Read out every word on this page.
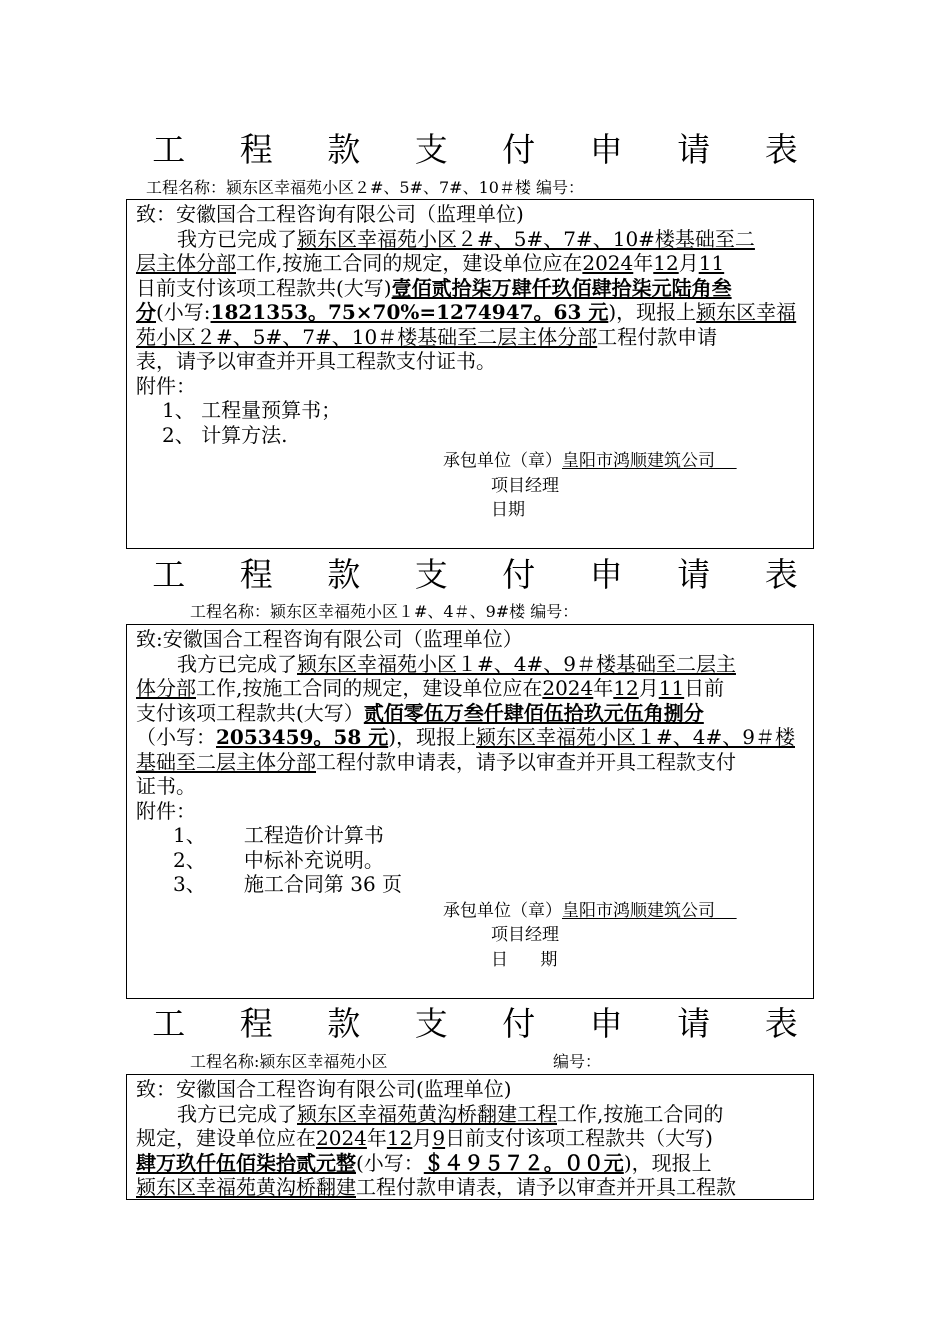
工 程 款 支 付 申 请 表
工程名称：颍东区幸福苑小区２#、5#、7#、10＃楼 编号：
致：安徽国合工程咨询有限公司（监理单位)
我方已完成了颍东区幸福苑小区２#、5#、7#、10#楼基础至二
层主体分部工作,按施工合同的规定，建设单位应在2024年12月11
日前支付该项工程款共(大写)壹佰贰拾柒万肆仟玖佰肆拾柒元陆角叁
分(小写:1821353。75×70%=1274947。63 元)，现报上颍东区幸福
苑小区２#、5#、7#、10＃楼基础至二层主体分部工程付款申请
表，请予以审查并开具工程款支付证书。
附件：
1、 工程量预算书；
2、 计算方法.
承包单位（章）皇阳市鸿顺建筑公司
项目经理
日期
工 程 款 支 付 申 请 表
工程名称：颍东区幸福苑小区１#、4＃、9#楼 编号：
致:安徽国合工程咨询有限公司（监理单位）
我方已完成了颍东区幸福苑小区１#、4#、9＃楼基础至二层主
体分部工作,按施工合同的规定，建设单位应在2024年12月11日前
支付该项工程款共(大写）贰佰零伍万叁仟肆佰伍拾玖元伍角捌分
（小写：2053459。58 元)，现报上颍东区幸福苑小区１#、4#、9＃楼
基础至二层主体分部工程付款申请表，请予以审查并开具工程款支付
证书。
附件：
1、      工程造价计算书
2、      中标补充说明。
3、      施工合同第 36 页
承包单位（章）皇阳市鸿顺建筑公司
项目经理
日      期
工 程 款 支 付 申 请 表
工程名称:颍东区幸福苑小区	编号：
致：安徽国合工程咨询有限公司(监理单位)
我方已完成了颍东区幸福苑黄沟桥翻建工程工作,按施工合同的
规定，建设单位应在2024年12月9日前支付该项工程款共（大写)
肆万玖仟伍佰柒拾贰元整(小写：＄４９５７２。００元)，现报上
颍东区幸福苑黄沟桥翻建工程付款申请表，请予以审查并开具工程款
